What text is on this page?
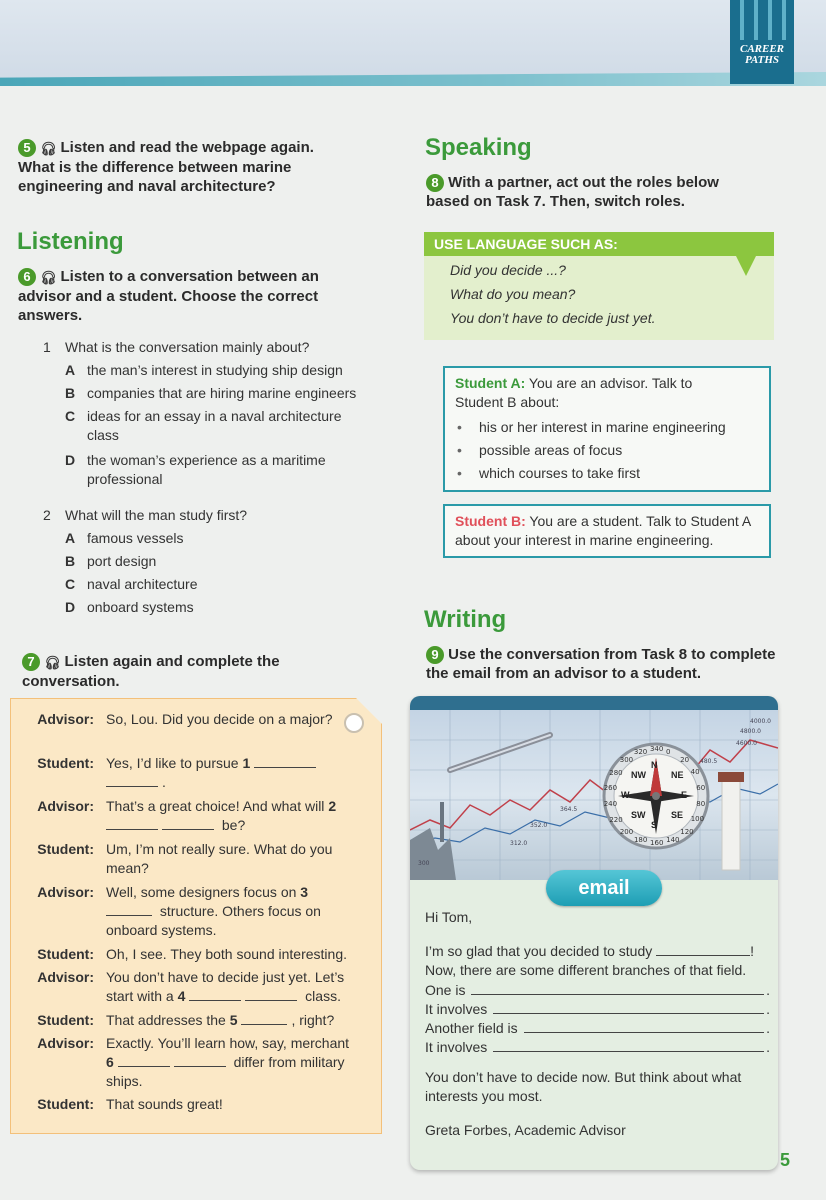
CAREER
PATHS
5 🎧︎ Listen and read the webpage again. What is the difference between marine engineering and naval architecture?
Listening
6 🎧︎ Listen to a conversation between an advisor and a student. Choose the correct answers.
1	What is the conversation mainly about?
A the man’s interest in studying ship design
B companies that are hiring marine engineers
C ideas for an essay in a naval architecture class
D the woman’s experience as a maritime professional
2	What will the man study first?
A famous vessels
B port design
C naval architecture
D onboard systems
7 🎧︎ Listen again and complete the conversation.
Advisor: So, Lou. Did you decide on a major?
Student: Yes, I’d like to pursue 1 .
Advisor: That’s a great choice! And what will 2  be?
Student: Um, I’m not really sure. What do you mean?
Advisor: Well, some designers focus on 3  structure. Others focus on onboard systems.
Student: Oh, I see. They both sound interesting.
Advisor: You don’t have to decide just yet. Let’s start with a 4	class.
Student: That addresses the 5	, right?
Advisor: Exactly. You’ll learn how, say, merchant 6	differ from military ships.
Student: That sounds great!
Speaking
8 With a partner, act out the roles below based on Task 7. Then, switch roles.
USE LANGUAGE SUCH AS:
Did you decide ...?
What do you mean?
You don’t have to decide just yet.
Student A: You are an advisor. Talk to Student B about:
• his or her interest in marine engineering
• possible areas of focus
• which courses to take first
Student B: You are a student. Talk to Student A about your interest in marine engineering.
Writing
9 Use the conversation from Task 8 to complete the email from an advisor to a student.
320 340 0
20
40
60
80
100
120
140
160
180
200
220
240
260
280
300 N
E
S
W
NW	NE
SE
SW
300
312.0
352.0
364.5
480.5
4600.0
4800.0
4000.0
email
Hi Tom,
I’m so glad that you decided to study	!
Now, there are some different branches of that field.
One is	.
It involves	.
Another field is	.
It involves	.
You don’t have to decide now. But think about what interests you most.
Greta Forbes, Academic Advisor
5
